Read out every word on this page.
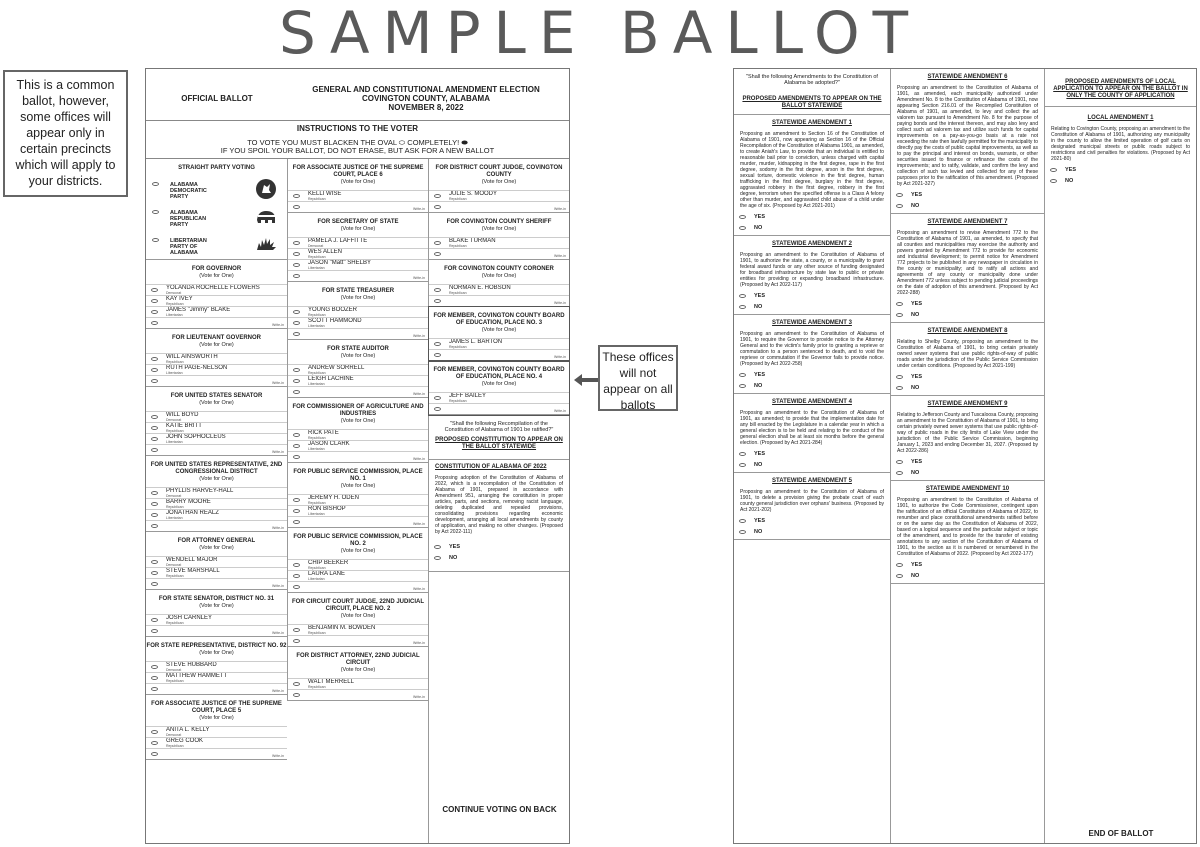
SAMPLE BALLOT
This is a common ballot, however, some offices will appear only in certain precincts which will apply to your districts.
OFFICIAL BALLOT
GENERAL AND CONSTITUTIONAL AMENDMENT ELECTION
COVINGTON COUNTY, ALABAMA
NOVEMBER 8, 2022
INSTRUCTIONS TO THE VOTER
TO VOTE YOU MUST BLACKEN THE OVAL ⬭ COMPLETELY! ⬬
IF YOU SPOIL YOUR BALLOT, DO NOT ERASE, BUT ASK FOR A NEW BALLOT
STRAIGHT PARTY VOTING
ALABAMA
DEMOCRATIC
PARTY
ALABAMA
REPUBLICAN
PARTY
LIBERTARIAN
PARTY OF
ALABAMA
FOR GOVERNOR
(Vote for One)
YOLANDA ROCHELLE FLOWERS
Democrat
KAY IVEY
Republican
JAMES "Jimmy" BLAKE
Libertarian
Write-in
FOR LIEUTENANT GOVERNOR
(Vote for One)
WILL AINSWORTH
Republican
RUTH PAGE-NELSON
Libertarian
Write-in
FOR UNITED STATES SENATOR
(Vote for One)
WILL BOYD
Democrat
KATIE BRITT
Republican
JOHN SOPHOCLEUS
Libertarian
Write-in
FOR UNITED STATES REPRESENTATIVE, 2ND CONGRESSIONAL DISTRICT
(Vote for One)
PHYLLIS HARVEY-HALL
Democrat
BARRY MOORE
Republican
JONATHAN REALZ
Libertarian
Write-in
FOR ATTORNEY GENERAL
(Vote for One)
WENDELL MAJOR
Democrat
STEVE MARSHALL
Republican
Write-in
FOR STATE SENATOR, DISTRICT NO. 31
(Vote for One)
JOSH CARNLEY
Republican
Write-in
FOR STATE REPRESENTATIVE, DISTRICT NO. 92
(Vote for One)
STEVE HUBBARD
Democrat
MATTHEW HAMMETT
Republican
Write-in
FOR ASSOCIATE JUSTICE OF THE SUPREME COURT, PLACE 5
(Vote for One)
ANITA L. KELLY
Democrat
GREG COOK
Republican
Write-in
FOR ASSOCIATE JUSTICE OF THE SUPREME COURT, PLACE 6
(Vote for One)
KELLI WISE
Republican
Write-in
FOR SECRETARY OF STATE
(Vote for One)
PAMELA J. LAFFITTE
Democrat
WES ALLEN
Republican
JASON "Matt" SHELBY
Libertarian
Write-in
FOR STATE TREASURER
(Vote for One)
YOUNG BOOZER
Republican
SCOTT HAMMOND
Libertarian
Write-in
FOR STATE AUDITOR
(Vote for One)
ANDREW SORRELL
Republican
LEIGH LACHINE
Libertarian
Write-in
FOR COMMISSIONER OF AGRICULTURE AND INDUSTRIES
(Vote for One)
RICK PATE
Republican
JASON CLARK
Libertarian
Write-in
FOR PUBLIC SERVICE COMMISSION, PLACE NO. 1
(Vote for One)
JEREMY H. ODEN
Republican
RON BISHOP
Libertarian
Write-in
FOR PUBLIC SERVICE COMMISSION, PLACE NO. 2
(Vote for One)
CHIP BEEKER
Republican
LAURA LANE
Libertarian
Write-in
FOR CIRCUIT COURT JUDGE, 22ND JUDICIAL CIRCUIT, PLACE NO. 2
(Vote for One)
BENJAMIN M. BOWDEN
Republican
Write-in
FOR DISTRICT ATTORNEY, 22ND JUDICIAL CIRCUIT
(Vote for One)
WALT MERRELL
Republican
Write-in
FOR DISTRICT COURT JUDGE, COVINGTON COUNTY
(Vote for One)
JULIE S. MOODY
Republican
Write-in
FOR COVINGTON COUNTY SHERIFF
(Vote for One)
BLAKE TURMAN
Republican
Write-in
FOR COVINGTON COUNTY CORONER
(Vote for One)
NORMAN E. HOBSON
Republican
Write-in
FOR MEMBER, COVINGTON COUNTY BOARD OF EDUCATION, PLACE NO. 3
(Vote for One)
JAMES L. BARTON
Republican
Write-in
FOR MEMBER, COVINGTON COUNTY BOARD OF EDUCATION, PLACE NO. 4
(Vote for One)
JEFF BAILEY
Republican
Write-in
"Shall the following Recompilation of the Constitution of Alabama of 1901 be ratified?"
PROPOSED CONSTITUTION TO APPEAR ON THE BALLOT STATEWIDE
CONSTITUTION OF ALABAMA OF 2022
Proposing adoption of the Constitution of Alabama of 2022, which is a recompilation of the Constitution of Alabama of 1901, prepared in accordance with Amendment 951, arranging the constitution in proper articles, parts, and sections, removing racist language, deleting duplicated and repealed provisions, consolidating provisions regarding economic development, arranging all local amendments by county of application, and making no other changes. (Proposed by Act 2022-111)
YES
NO
CONTINUE VOTING ON BACK
These offices will not appear on all ballots
"Shall the following Amendments to the Constitution of Alabama be adopted?"
PROPOSED AMENDMENTS TO APPEAR ON THE BALLOT STATEWIDE
STATEWIDE AMENDMENT 1
Proposing an amendment to Section 16 of the Constitution of Alabama of 1901, now appearing as Section 16 of the Official Recompilation of the Constitution of Alabama 1901, as amended, to create Aniah's Law, to provide that an individual is entitled to reasonable bail prior to conviction, unless charged with capital murder, murder, kidnapping in the first degree, rape in the first degree, sodomy in the first degree, arson in the first degree, sexual torture, domestic violence in the first degree, human trafficking in the first degree, burglary in the first degree, aggravated robbery in the first degree, robbery in the first degree, terrorism when the specified offense is a Class A felony other than murder, and aggravated child abuse of a child under the age of six. (Proposed by Act 2021-201)
YES
NO
STATEWIDE AMENDMENT 2
Proposing an amendment to the Constitution of Alabama of 1901, to authorize the state, a county, or a municipality to grant federal award funds or any other source of funding designated for broadband infrastructure by state law to public or private entities for providing or expanding broadband infrastructure. (Proposed by Act 2022-117)
YES
NO
STATEWIDE AMENDMENT 3
Proposing an amendment to the Constitution of Alabama of 1901, to require the Governor to provide notice to the Attorney General and to the victim's family prior to granting a reprieve or commutation to a person sentenced to death, and to void the reprieve or commutation if the Governor fails to provide notice. (Proposed by Act 2022-258)
YES
NO
STATEWIDE AMENDMENT 4
Proposing an amendment to the Constitution of Alabama of 1901, as amended; to provide that the implementation date for any bill enacted by the Legislature in a calendar year in which a general election is to be held and relating to the conduct of the general election shall be at least six months before the general election. (Proposed by Act 2021-284)
YES
NO
STATEWIDE AMENDMENT 5
Proposing an amendment to the Constitution of Alabama of 1901, to delete a provision giving the probate court of each county general jurisdiction over orphans' business. (Proposed by Act 2021-202)
YES
NO
STATEWIDE AMENDMENT 6
Proposing an amendment to the Constitution of Alabama of 1901, as amended, each municipality authorized under Amendment No. 8 to the Constitution of Alabama of 1901, now appearing Section 216.01 of the Recompiled Constitution of Alabama of 1901, as amended, to levy and collect the ad valorem tax pursuant to Amendment No. 8 for the purpose of paying bonds and the interest thereon, and may also levy and collect such ad valorem tax and utilize such funds for capital improvements on a pay-as-you-go basis at a rate not exceeding the rate then lawfully permitted for the municipality to directly pay the costs of public capital improvements, as well as to pay the principal and interest on bonds, warrants, or other securities issued to finance or refinance the costs of the improvements; and to ratify, validate, and confirm the levy and collection of such tax levied and collected for any of these purposes prior to the ratification of this amendment. (Proposed by Act 2021-327)
YES
NO
STATEWIDE AMENDMENT 7
Proposing an amendment to revise Amendment 772 to the Constitution of Alabama of 1901, as amended, to specify that all counties and municipalities may exercise the authority and powers granted by Amendment 772 to provide for economic and industrial development; to permit notice for Amendment 772 projects to be published in any newspaper in circulation in the county or municipality; and to ratify all actions and agreements of any county or municipality done under Amendment 772 unless subject to pending judicial proceedings on the date of adoption of this amendment. (Proposed by Act 2022-288)
YES
NO
STATEWIDE AMENDMENT 8
Relating to Shelby County, proposing an amendment to the Constitution of Alabama of 1901, to bring certain privately owned sewer systems that use public rights-of-way of public roads under the jurisdiction of the Public Service Commission under certain conditions. (Proposed by Act 2021-199)
YES
NO
STATEWIDE AMENDMENT 9
Relating to Jefferson County and Tuscaloosa County, proposing an amendment to the Constitution of Alabama of 1901, to bring certain privately owned sewer systems that use public rights-of-way of public roads in the city limits of Lake View under the jurisdiction of the Public Service Commission, beginning January 1, 2023 and ending December 31, 2027. (Proposed by Act 2022-286)
YES
NO
STATEWIDE AMENDMENT 10
Proposing an amendment to the Constitution of Alabama of 1901, to authorize the Code Commissioner, contingent upon the ratification of an official Constitution of Alabama of 2022, to renumber and place constitutional amendments ratified before or on the same day as the Constitution of Alabama of 2022, based on a logical sequence and the particular subject or topic of the amendment, and to provide for the transfer of existing annotations to any section of the Constitution of Alabama of 1901, to the section as it is numbered or renumbered in the Constitution of Alabama of 2022. (Proposed by Act 2022-177)
YES
NO
PROPOSED AMENDMENTS OF LOCAL APPLICATION TO APPEAR ON THE BALLOT IN ONLY THE COUNTY OF APPLICATION
LOCAL AMENDMENT 1
Relating to Covington County, proposing an amendment to the Constitution of Alabama of 1901, authorizing any municipality in the county to allow the limited operation of golf carts on designated municipal streets or public roads subject to restrictions and civil penalties for violations. (Proposed by Act 2021-80)
YES
NO
END OF BALLOT
